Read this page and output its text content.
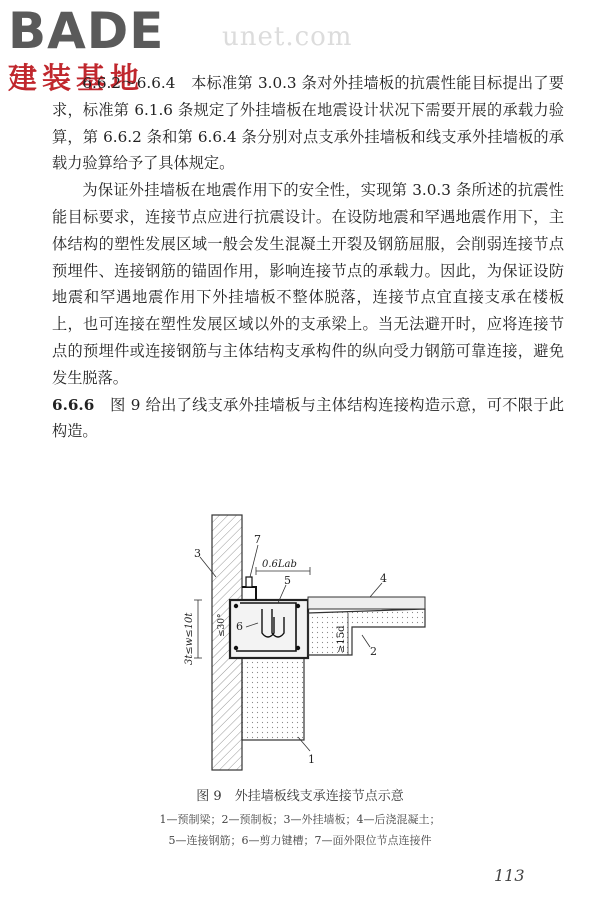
BADE
建装基地
unet.com

6.6.2～6.6.4　本标准第 3.0.3 条对外挂墙板的抗震性能目标提出了要求，标准第 6.1.6 条规定了外挂墙板在地震设计状况下需要开展的承载力验算，第 6.6.2 条和第 6.6.4 条分别对点支承外挂墙板和线支承外挂墙板的承载力验算给予了具体规定。

为保证外挂墙板在地震作用下的安全性，实现第 3.0.3 条所述的抗震性能目标要求，连接节点应进行抗震设计。在设防地震和罕遇地震作用下，主体结构的塑性发展区域一般会发生混凝土开裂及钢筋屈服，会削弱连接节点预埋件、连接钢筋的锚固作用，影响连接节点的承载力。因此，为保证设防地震和罕遇地震作用下外挂墙板不整体脱落，连接节点宜直接支承在楼板上，也可连接在塑性发展区域以外的支承梁上。当无法避开时，应将连接节点的预埋件或连接钢筋与主体结构支承构件的纵向受力钢筋可靠连接，避免发生脱落。

6.6.6　 图 9 给出了线支承外挂墙板与主体结构连接构造示意，可不限于此构造。

0.6Lab
≥15d
3t≤w≤10t ≤30°
3
7
5	4
2
6
1
图 9　外挂墙板线支承连接节点示意
1—预制梁；2—预制板；3—外挂墙板；4—后浇混凝土；
5—连接钢筋；6—剪力键槽；7—面外限位节点连接件
113
